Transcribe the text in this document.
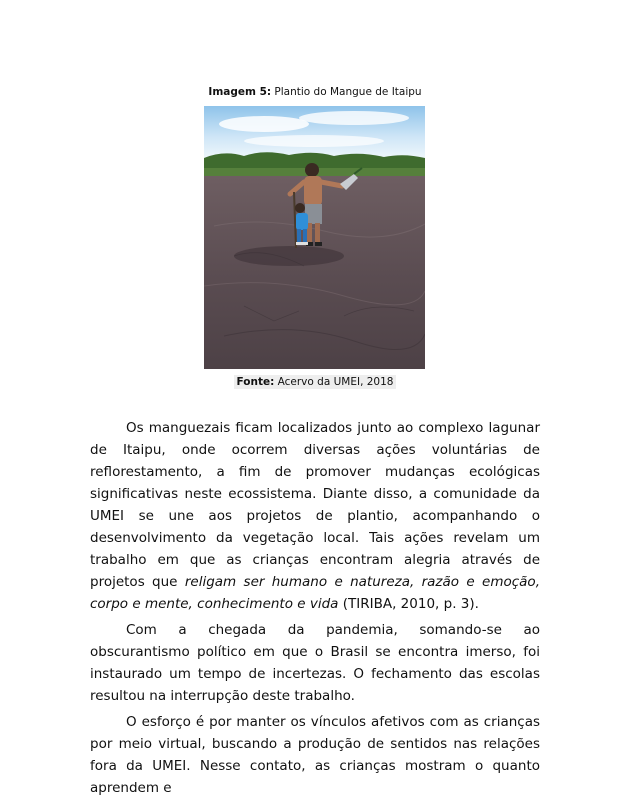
Imagem 5: Plantio do Mangue de Itaipu
Fonte: Acervo da UMEI, 2018

Os manguezais ficam localizados junto ao complexo lagunar de Itaipu, onde ocorrem diversas ações voluntárias de reflorestamento, a fim de promover mudanças ecológicas significativas neste ecossistema. Diante disso, a comunidade da UMEI se une aos projetos de plantio, acompanhando o desenvolvimento da vegetação local. Tais ações revelam um trabalho em que as crianças encontram alegria através de projetos que religam ser humano e natureza, razão e emoção, corpo e mente, conhecimento e vida (TIRIBA, 2010, p. 3).

Com a chegada da pandemia, somando-se ao obscurantismo político em que o Brasil se encontra imerso, foi instaurado um tempo de incertezas. O fechamento das escolas resultou na interrupção deste trabalho.

O esforço é por manter os vínculos afetivos com as crianças por meio virtual, buscando a produção de sentidos nas relações fora da UMEI. Nesse contato, as crianças mostram o quanto aprendem e
